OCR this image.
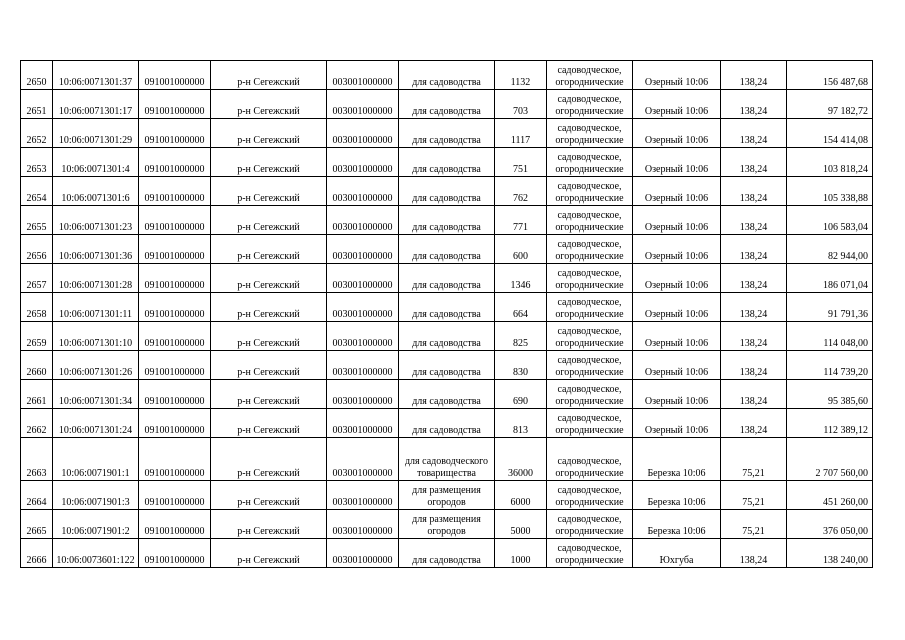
2650	10:06:0071301:37	091001000000	р-н Сегежский	003001000000	для садоводства	1132	садоводческое, огороднические	Озерный 10:06	138,24	156 487,68
2651	10:06:0071301:17	091001000000	р-н Сегежский	003001000000	для садоводства	703	садоводческое, огороднические	Озерный 10:06	138,24	97 182,72
2652	10:06:0071301:29	091001000000	р-н Сегежский	003001000000	для садоводства	1117	садоводческое, огороднические	Озерный 10:06	138,24	154 414,08
2653	10:06:0071301:4	091001000000	р-н Сегежский	003001000000	для садоводства	751	садоводческое, огороднические	Озерный 10:06	138,24	103 818,24
2654	10:06:0071301:6	091001000000	р-н Сегежский	003001000000	для садоводства	762	садоводческое, огороднические	Озерный 10:06	138,24	105 338,88
2655	10:06:0071301:23	091001000000	р-н Сегежский	003001000000	для садоводства	771	садоводческое, огороднические	Озерный 10:06	138,24	106 583,04
2656	10:06:0071301:36	091001000000	р-н Сегежский	003001000000	для садоводства	600	садоводческое, огороднические	Озерный 10:06	138,24	82 944,00
2657	10:06:0071301:28	091001000000	р-н Сегежский	003001000000	для садоводства	1346	садоводческое, огороднические	Озерный 10:06	138,24	186 071,04
2658	10:06:0071301:11	091001000000	р-н Сегежский	003001000000	для садоводства	664	садоводческое, огороднические	Озерный 10:06	138,24	91 791,36
2659	10:06:0071301:10	091001000000	р-н Сегежский	003001000000	для садоводства	825	садоводческое, огороднические	Озерный 10:06	138,24	114 048,00
2660	10:06:0071301:26	091001000000	р-н Сегежский	003001000000	для садоводства	830	садоводческое, огороднические	Озерный 10:06	138,24	114 739,20
2661	10:06:0071301:34	091001000000	р-н Сегежский	003001000000	для садоводства	690	садоводческое, огороднические	Озерный 10:06	138,24	95 385,60
2662	10:06:0071301:24	091001000000	р-н Сегежский	003001000000	для садоводства	813	садоводческое, огороднические	Озерный 10:06	138,24	112 389,12
2663	10:06:0071901:1	091001000000	р-н Сегежский	003001000000	для садоводческого товарищества	36000	садоводческое, огороднические	Березка 10:06	75,21	2 707 560,00
2664	10:06:0071901:3	091001000000	р-н Сегежский	003001000000	для размещения огородов	6000	садоводческое, огороднические	Березка 10:06	75,21	451 260,00
2665	10:06:0071901:2	091001000000	р-н Сегежский	003001000000	для размещения огородов	5000	садоводческое, огороднические	Березка 10:06	75,21	376 050,00
2666	10:06:0073601:122	091001000000	р-н Сегежский	003001000000	для садоводства	1000	садоводческое, огороднические	Юхгуба	138,24	138 240,00
